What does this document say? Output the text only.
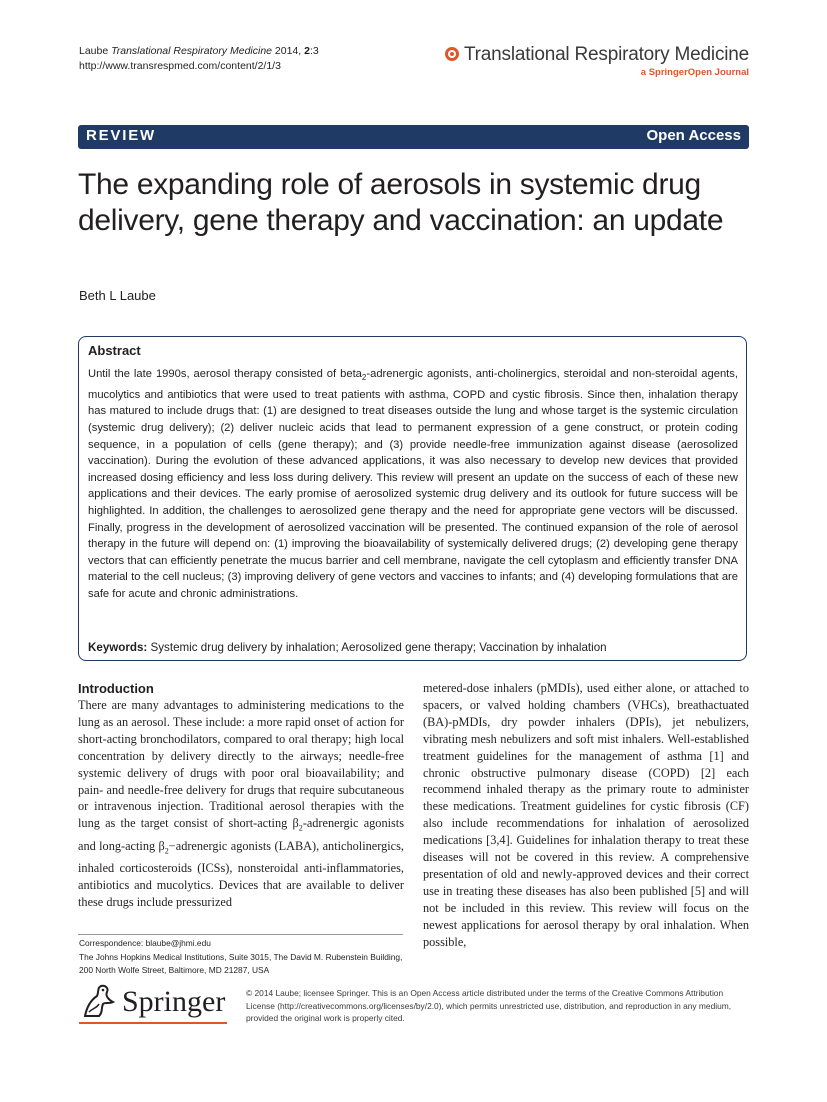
Laube Translational Respiratory Medicine 2014, 2:3
http://www.transrespmed.com/content/2/1/3
Translational Respiratory Medicine
a SpringerOpen Journal
REVIEW	Open Access
The expanding role of aerosols in systemic drug delivery, gene therapy and vaccination: an update
Beth L Laube
Abstract
Until the late 1990s, aerosol therapy consisted of beta$_2$-adrenergic agonists, anti-cholinergics, steroidal and non-steroidal agents, mucolytics and antibiotics that were used to treat patients with asthma, COPD and cystic fibrosis. Since then, inhalation therapy has matured to include drugs that: (1) are designed to treat diseases outside the lung and whose target is the systemic circulation (systemic drug delivery); (2) deliver nucleic acids that lead to permanent expression of a gene construct, or protein coding sequence, in a population of cells (gene therapy); and (3) provide needle-free immunization against disease (aerosolized vaccination). During the evolution of these advanced applications, it was also necessary to develop new devices that provided increased dosing efficiency and less loss during delivery. This review will present an update on the success of each of these new applications and their devices. The early promise of aerosolized systemic drug delivery and its outlook for future success will be highlighted. In addition, the challenges to aerosolized gene therapy and the need for appropriate gene vectors will be discussed. Finally, progress in the development of aerosolized vaccination will be presented. The continued expansion of the role of aerosol therapy in the future will depend on: (1) improving the bioavailability of systemically delivered drugs; (2) developing gene therapy vectors that can efficiently penetrate the mucus barrier and cell membrane, navigate the cell cytoplasm and efficiently transfer DNA material to the cell nucleus; (3) improving delivery of gene vectors and vaccines to infants; and (4) developing formulations that are safe for acute and chronic administrations.
Keywords: Systemic drug delivery by inhalation; Aerosolized gene therapy; Vaccination by inhalation
Introduction
There are many advantages to administering medications to the lung as an aerosol. These include: a more rapid onset of action for short-acting bronchodilators, compared to oral therapy; high local concentration by delivery directly to the airways; needle-free systemic delivery of drugs with poor oral bioavailability; and pain- and needle-free delivery for drugs that require subcutaneous or intravenous injection. Traditional aerosol therapies with the lung as the target consist of short-acting $\beta_2$-adrenergic agonists and long-acting $\beta_2-adrenergic$ agonists (LABA), anticholinergics, inhaled corticosteroids (ICSs), nonsteroidal anti-inflammatories, antibiotics and mucolytics. Devices that are available to deliver these drugs include pressurized
metered-dose inhalers (pMDIs), used either alone, or attached to spacers, or valved holding chambers (VHCs), breathactuated (BA)-pMDIs, dry powder inhalers (DPIs), jet nebulizers, vibrating mesh nebulizers and soft mist inhalers. Well-established treatment guidelines for the management of asthma [1] and chronic obstructive pulmonary disease (COPD) [2] each recommend inhaled therapy as the primary route to administer these medications. Treatment guidelines for cystic fibrosis (CF) also include recommendations for inhalation of aerosolized medications [3,4]. Guidelines for inhalation therapy to treat these diseases will not be covered in this review. A comprehensive presentation of old and newly-approved devices and their correct use in treating these diseases has also been published [5] and will not be included in this review. This review will focus on the newest applications for aerosol therapy by oral inhalation. When possible,
Correspondence: blaube@jhmi.edu
The Johns Hopkins Medical Institutions, Suite 3015, The David M. Rubenstein Building, 200 North Wolfe Street, Baltimore, MD 21287, USA
Springer © 2014 Laube; licensee Springer. This is an Open Access article distributed under the terms of the Creative Commons Attribution License (http://creativecommons.org/licenses/by/2.0), which permits unrestricted use, distribution, and reproduction in any medium, provided the original work is properly cited.
